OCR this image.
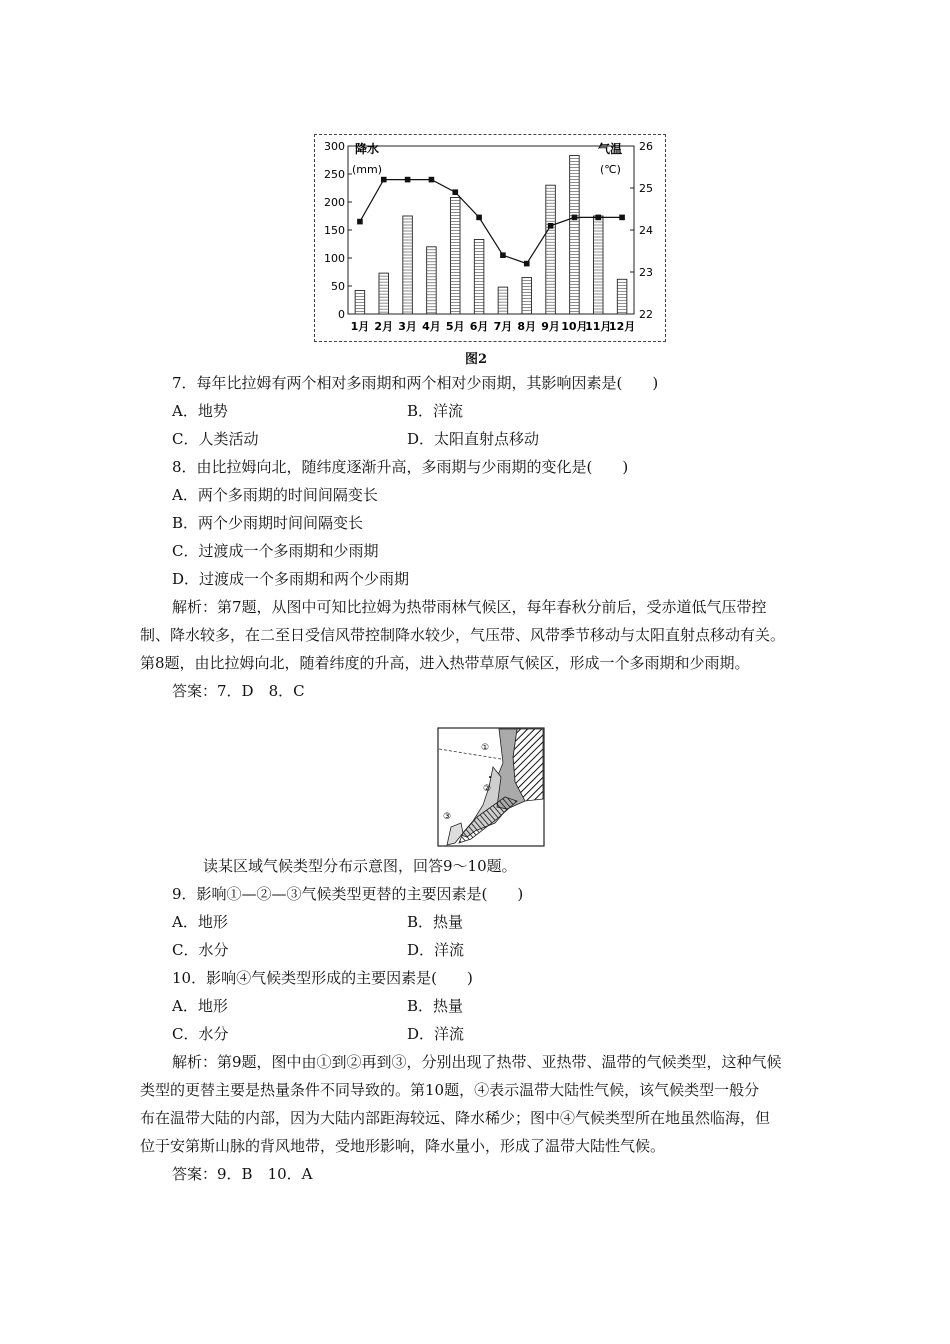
0
50
100
150
200
250
300
22
23
24
25
26
1月 2月 3月 4月 5月 6月 7月 8月 9月 10月
11月
12月
降水
(mm)
气温
(℃)
图2
7．每年比拉姆有两个相对多雨期和两个相对少雨期，其影响因素是(　　)
A．地势	B．洋流
C．人类活动	D．太阳直射点移动
8．由比拉姆向北，随纬度逐渐升高，多雨期与少雨期的变化是(　　)
A．两个多雨期的时间间隔变长
B．两个少雨期时间间隔变长
C．过渡成一个多雨期和少雨期
D．过渡成一个多雨期和两个少雨期
解析：第7题，从图中可知比拉姆为热带雨林气候区，每年春秋分前后，受赤道低气压带控
制、降水较多，在二至日受信风带控制降水较少，气压带、风带季节移动与太阳直射点移动有关。
第8题，由比拉姆向北，随着纬度的升高，进入热带草原气候区，形成一个多雨期和少雨期。
答案：7．D　8．C
①
②
③
读某区域气候类型分布示意图，回答9～10题。
9．影响①—②—③气候类型更替的主要因素是(　　)
A．地形	B．热量
C．水分	D．洋流
10．影响④气候类型形成的主要因素是(　　)
A．地形	B．热量
C．水分	D．洋流
解析：第9题，图中由①到②再到③，分别出现了热带、亚热带、温带的气候类型，这种气候
类型的更替主要是热量条件不同导致的。第10题，④表示温带大陆性气候，该气候类型一般分
布在温带大陆的内部，因为大陆内部距海较远、降水稀少；图中④气候类型所在地虽然临海，但
位于安第斯山脉的背风地带，受地形影响，降水量小，形成了温带大陆性气候。
答案：9．B　10．A
